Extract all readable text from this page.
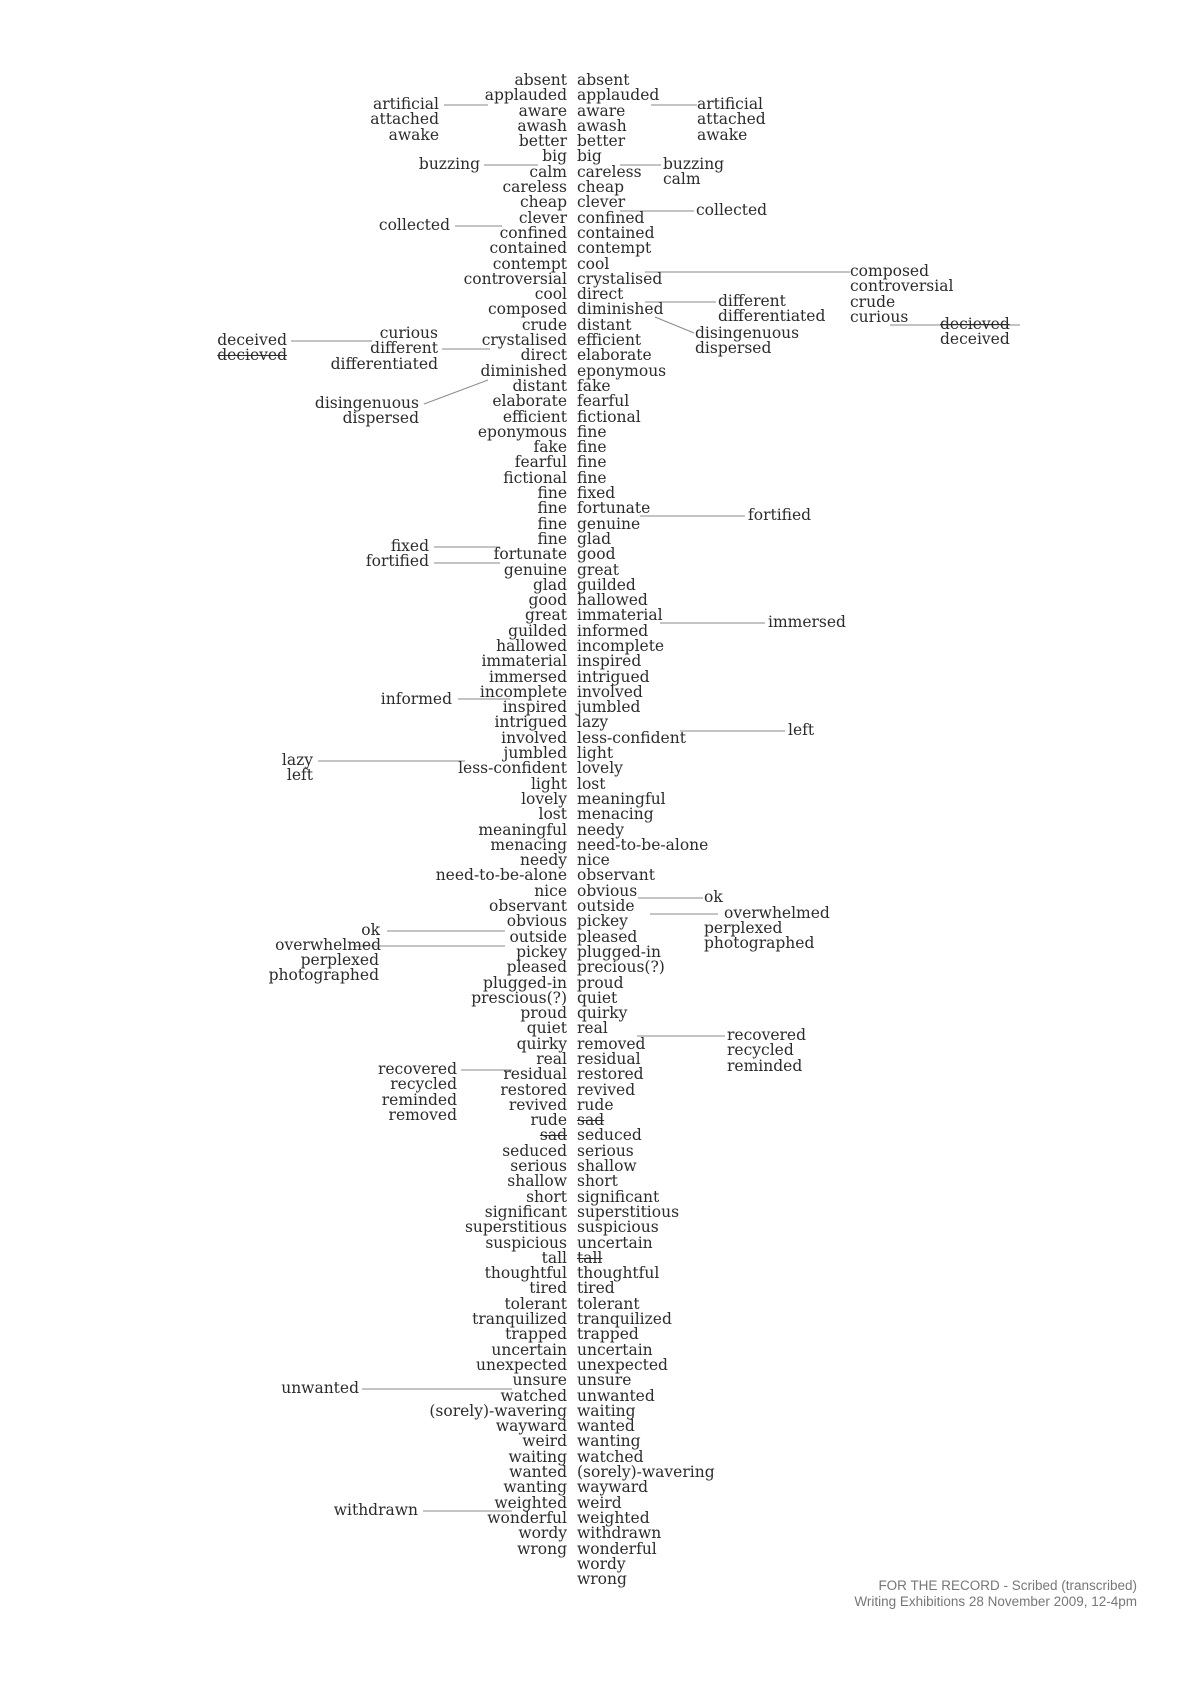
absent
applauded
aware
awash
better
big
calm
careless
cheap
clever
confined
contained
contempt
controversial
cool
composed
crude
crystalised
direct
diminished
distant
elaborate
efficient
eponymous
fake
fearful
fictional
fine
fine
fine
fine
fortunate
genuine
glad
good
great
guilded
hallowed
immaterial
immersed
incomplete
inspired
intrigued
involved
jumbled
less-confident
light
lovely
lost
meaningful
menacing
needy
need-to-be-alone
nice
observant
obvious
outside
pickey
pleased
plugged-in
prescious(?)
proud
quiet
quirky
real
residual
restored
revived
rude
sad
seduced
serious
shallow
short
significant
superstitious
suspicious
tall
thoughtful
tired
tolerant
tranquilized
trapped
uncertain
unexpected
unsure
watched
(sorely)-wavering
wayward
weird
waiting
wanted
wanting
weighted
wonderful
wordy
wrong
absent
applauded
aware
awash
better
big
careless
cheap
clever
confined
contained
contempt
cool
crystalised
direct
diminished
distant
efficient
elaborate
eponymous
fake
fearful
fictional
fine
fine
fine
fine
fixed
fortunate
genuine
glad
good
great
guilded
hallowed
immaterial
informed
incomplete
inspired
intrigued
involved
jumbled
lazy
less-confident
light
lovely
lost
meaningful
menacing
needy
need-to-be-alone
nice
observant
obvious
outside
pickey
pleased
plugged-in
precious(?)
proud
quiet
quirky
real
removed
residual
restored
revived
rude
sad
seduced
serious
shallow
short
significant
superstitious
suspicious
uncertain
tall
thoughtful
tired
tolerant
tranquilized
trapped
uncertain
unexpected
unsure
unwanted
waiting
wanted
wanting
watched
(sorely)-wavering
wayward
weird
weighted
withdrawn
wonderful
wordy
wrong
artificial
attached
awake
buzzing
collected
curious
different
differentiated
deceived
decieved
disingenuous
dispersed
fixed
fortified
informed
lazy
left
ok
overwhelmed
perplexed
photographed
recovered
recycled
reminded
removed
unwanted
withdrawn
artificial
attached
awake
buzzing
calm
collected
composed
controversial
crude
curious	decieved
deceived
different
differentiated
disingenuous
dispersed
fortified
immersed
left
ok
overwhelmed
perplexed
photographed
recovered
recycled
reminded
FOR THE RECORD - Scribed (transcribed)
Writing Exhibitions 28 November 2009, 12-4pm
